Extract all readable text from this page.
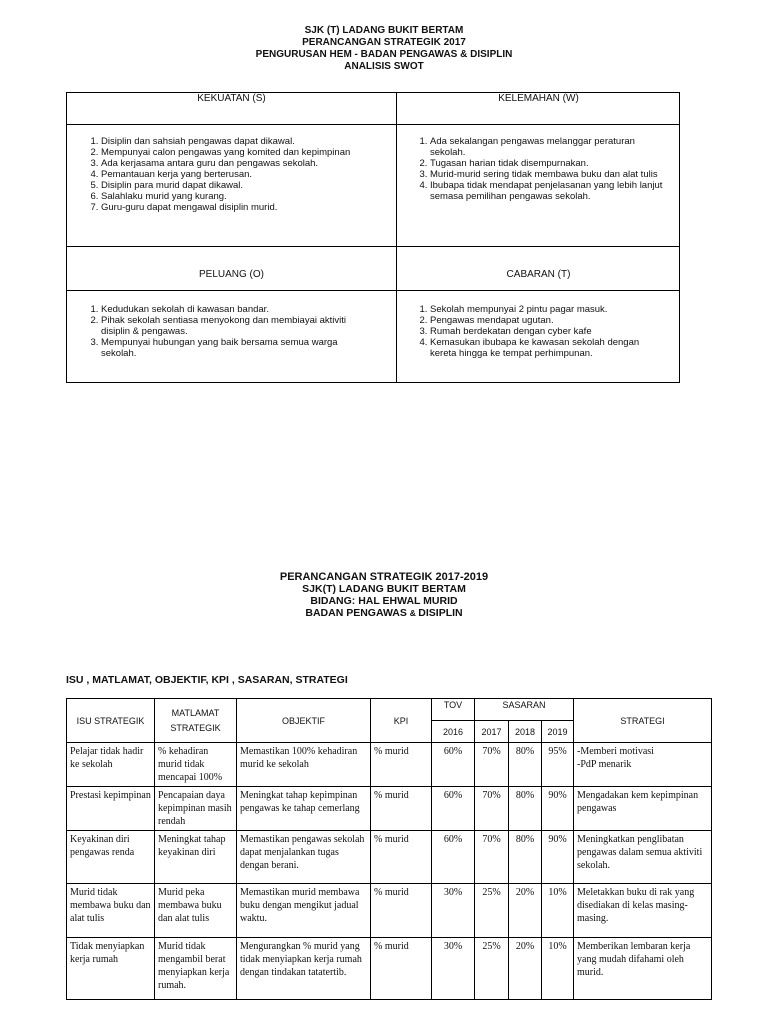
SJK (T) LADANG BUKIT BERTAM
PERANCANGAN STRATEGIK 2017
PENGURUSAN HEM - BADAN PENGAWAS & DISIPLIN
ANALISIS SWOT
KEKUATAN (S)	KELEMAHAN (W)
1. Disiplin dan sahsiah pengawas dapat dikawal.
2. Mempunyai calon pengawas yang komited dan kepimpinan
3. Ada kerjasama antara guru dan pengawas sekolah.
4. Pemantauan kerja yang berterusan.
5. Disiplin para murid dapat dikawal.
6. Salahlaku murid yang kurang.
7. Guru-guru dapat mengawal disiplin murid.
1. Ada sekalangan pengawas melanggar peraturan sekolah.
2. Tugasan harian tidak disempurnakan.
3. Murid-murid sering tidak membawa buku dan alat tulis
4. Ibubapa tidak mendapat penjelasanan yang lebih lanjut semasa pemilihan pengawas sekolah.
PELUANG (O)	CABARAN (T)
1. Kedudukan sekolah di kawasan bandar.
2. Pihak sekolah sentiasa menyokong dan membiayai aktiviti disiplin & pengawas.
3. Mempunyai hubungan yang baik bersama semua warga sekolah.
1. Sekolah mempunyai 2 pintu pagar masuk.
2. Pengawas mendapat ugutan.
3. Rumah berdekatan dengan cyber kafe
4. Kemasukan ibubapa ke kawasan sekolah dengan kereta hingga ke tempat perhimpunan.
PERANCANGAN STRATEGIK 2017-2019
SJK(T) LADANG BUKIT BERTAM
BIDANG: HAL EHWAL MURID
BADAN PENGAWAS & DISIPLIN
ISU , MATLAMAT, OBJEKTIF, KPI , SASARAN, STRATEGI
ISU STRATEGIK	MATLAMAT STRATEGIK	OBJEKTIF	KPI	TOV	SASARAN			STRATEGI
				2016	2017	2018	2019	
Pelajar tidak hadir ke sekolah	% kehadiran murid tidak mencapai 100%	Memastikan 100% kehadiran murid ke sekolah	% murid	60%	70%	80%	95%	-Memberi motivasi
-PdP menarik
Prestasi kepimpinan	Pencapaian daya kepimpinan masih rendah	Meningkat tahap kepimpinan pengawas ke tahap cemerlang	% murid	60%	70%	80%	90%	Mengadakan kem kepimpinan pengawas
Keyakinan diri pengawas renda	Meningkat tahap keyakinan diri	Memastikan pengawas sekolah dapat menjalankan tugas dengan berani.	% murid	60%	70%	80%	90%	Meningkatkan penglibatan pengawas dalam semua aktiviti sekolah.
Murid tidak membawa buku dan alat tulis	Murid peka membawa buku dan alat tulis	Memastikan murid membawa buku dengan mengikut jadual waktu.	% murid	30%	25%	20%	10%	Meletakkan buku di rak yang disediakan di kelas masing-masing.
Tidak menyiapkan kerja rumah	Murid tidak mengambil berat menyiapkan kerja rumah.	Mengurangkan % murid yang tidak menyiapkan kerja rumah dengan tindakan tatatertib.	% murid	30%	25%	20%	10%	Memberikan lembaran kerja yang mudah difahami oleh murid.
